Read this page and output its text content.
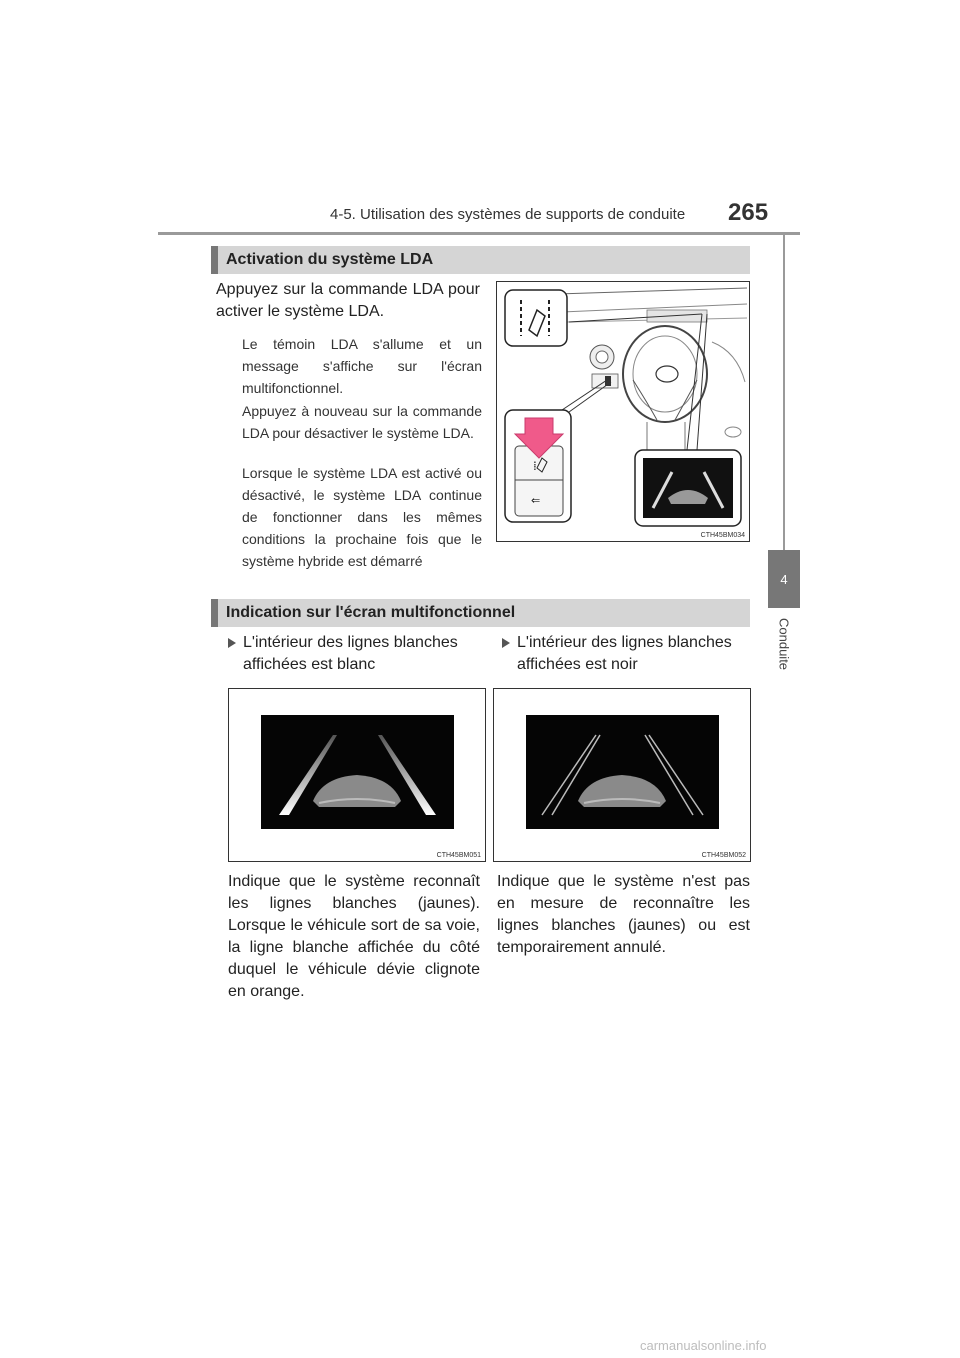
4-5. Utilisation des systèmes de supports de conduite 265
4
Conduite
Activation du système LDA
Appuyez sur la commande LDA pour activer le système LDA.
Le témoin LDA s'allume et un message s'affiche sur l'écran multifonctionnel.
Appuyez à nouveau sur la commande LDA pour désactiver le système LDA.
Lorsque le système LDA est activé ou désactivé, le système LDA continue de fonctionner dans les mêmes conditions la prochaine fois que le système hybride est démarré
⁞
⇐
CTH45BM034
Indication sur l'écran multifonctionnel
L'intérieur des lignes blanches affichées est blanc
L'intérieur des lignes blanches affichées est noir
CTH45BM051	CTH45BM052
Indique que le système reconnaît les lignes blanches (jaunes). Lorsque le véhicule sort de sa voie, la ligne blanche affichée du côté duquel le véhicule dévie clignote en orange.
Indique que le système n'est pas en mesure de reconnaître les lignes blanches (jaunes) ou est temporairement annulé.
carmanualsonline.info
